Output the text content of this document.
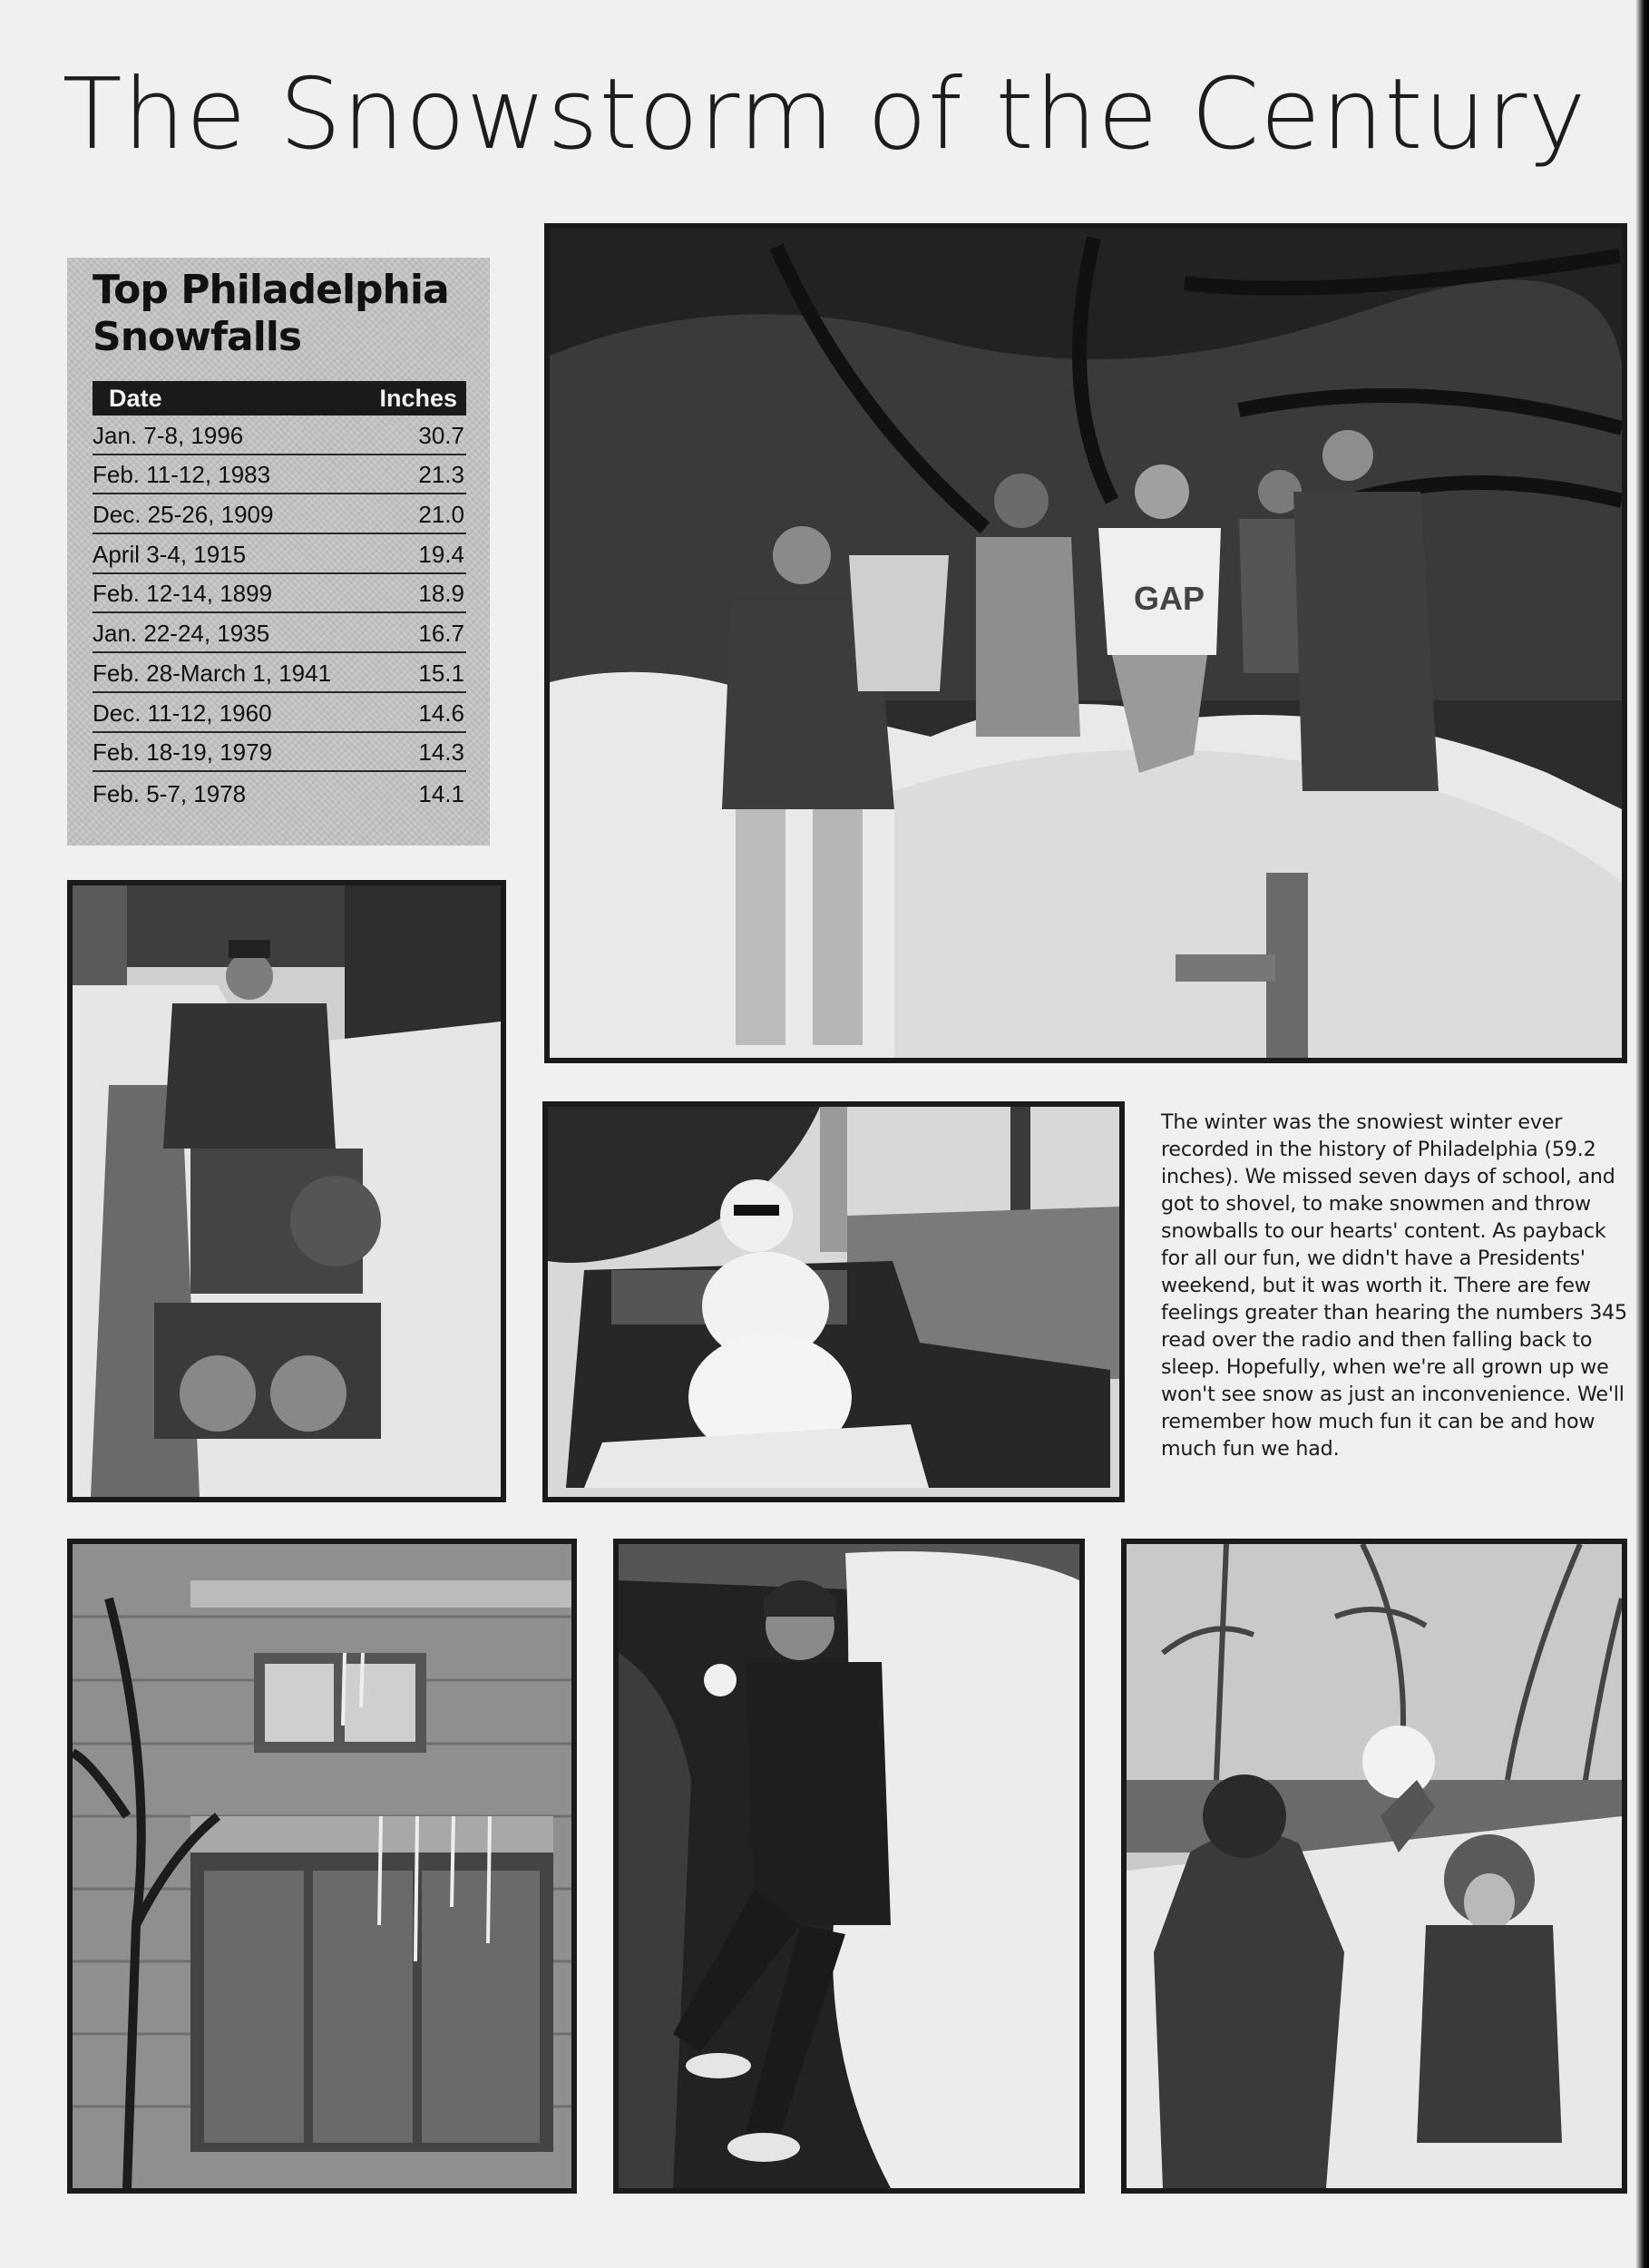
The Snowstorm of the Century
Top Philadelphia
Snowfalls
Date	Inches
Jan. 7-8, 1996	30.7
Feb. 11-12, 1983	21.3
Dec. 25-26, 1909	21.0
April 3-4, 1915	19.4
Feb. 12-14, 1899	18.9
Jan. 22-24, 1935	16.7
Feb. 28-March 1, 1941	15.1
Dec. 11-12, 1960	14.6
Feb. 18-19, 1979	14.3
Feb. 5-7, 1978	14.1
GAP

The winter was the snowiest winter ever recorded in the history of Philadelphia (59.2 inches). We missed seven days of school, and got to shovel, to make snowmen and throw snowballs to our hearts' content. As payback for all our fun, we didn't have a Presidents' weekend, but it was worth it. There are few feelings greater than hearing the numbers 345 read over the radio and then falling back to sleep. Hopefully, when we're all grown up we won't see snow as just an inconvenience. We'll remember how much fun it can be and how much fun we had.
